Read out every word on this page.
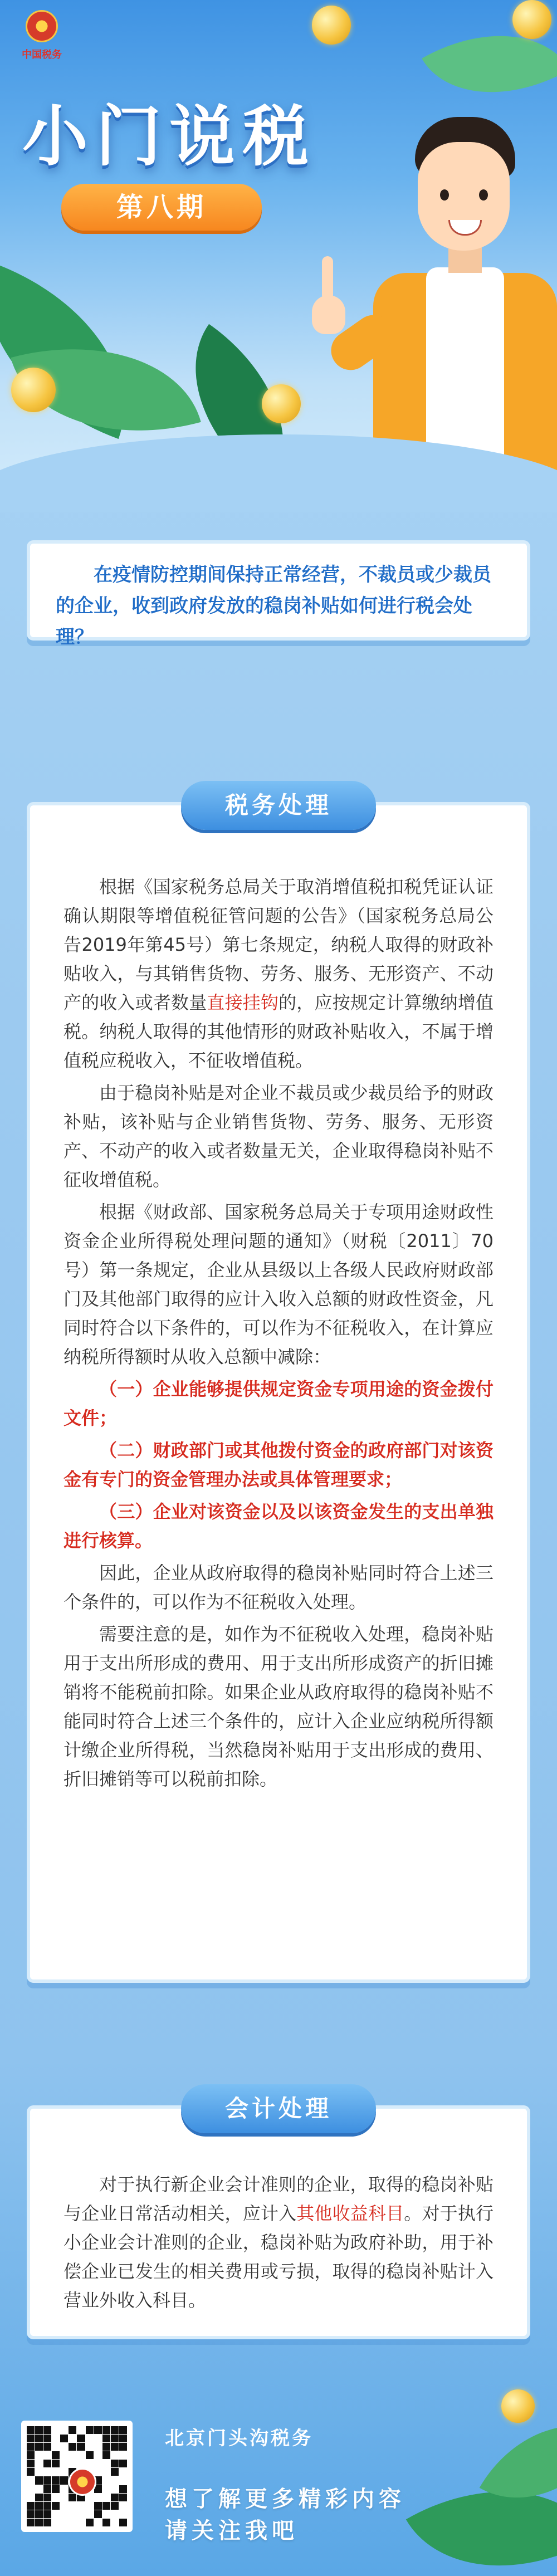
中国税务
小门说税
第八期

在疫情防控期间保持正常经营，不裁员或少裁员的企业，收到政府发放的稳岗补贴如何进行税会处理？

税务处理

根据《国家税务总局关于取消增值税扣税凭证认证确认期限等增值税征管问题的公告》（国家税务总局公告2019年第45号）第七条规定，纳税人取得的财政补贴收入，与其销售货物、劳务、服务、无形资产、不动产的收入或者数量直接挂钩的，应按规定计算缴纳增值税。纳税人取得的其他情形的财政补贴收入，不属于增值税应税收入，不征收增值税。

由于稳岗补贴是对企业不裁员或少裁员给予的财政补贴，该补贴与企业销售货物、劳务、服务、无形资产、不动产的收入或者数量无关，企业取得稳岗补贴不征收增值税。

根据《财政部、国家税务总局关于专项用途财政性资金企业所得税处理问题的通知》（财税〔2011〕70号）第一条规定，企业从县级以上各级人民政府财政部门及其他部门取得的应计入收入总额的财政性资金，凡同时符合以下条件的，可以作为不征税收入，在计算应纳税所得额时从收入总额中减除：

（一）企业能够提供规定资金专项用途的资金拨付文件；

（二）财政部门或其他拨付资金的政府部门对该资金有专门的资金管理办法或具体管理要求；

（三）企业对该资金以及以该资金发生的支出单独进行核算。

因此，企业从政府取得的稳岗补贴同时符合上述三个条件的，可以作为不征税收入处理。

需要注意的是，如作为不征税收入处理，稳岗补贴用于支出所形成的费用、用于支出所形成资产的折旧摊销将不能税前扣除。如果企业从政府取得的稳岗补贴不能同时符合上述三个条件的，应计入企业应纳税所得额计缴企业所得税，当然稳岗补贴用于支出形成的费用、折旧摊销等可以税前扣除。

会计处理

对于执行新企业会计准则的企业，取得的稳岗补贴与企业日常活动相关，应计入其他收益科目。对于执行小企业会计准则的企业，稳岗补贴为政府补助，用于补偿企业已发生的相关费用或亏损，取得的稳岗补贴计入营业外收入科目。

北京门头沟税务
想了解更多精彩内容
请关注我吧
